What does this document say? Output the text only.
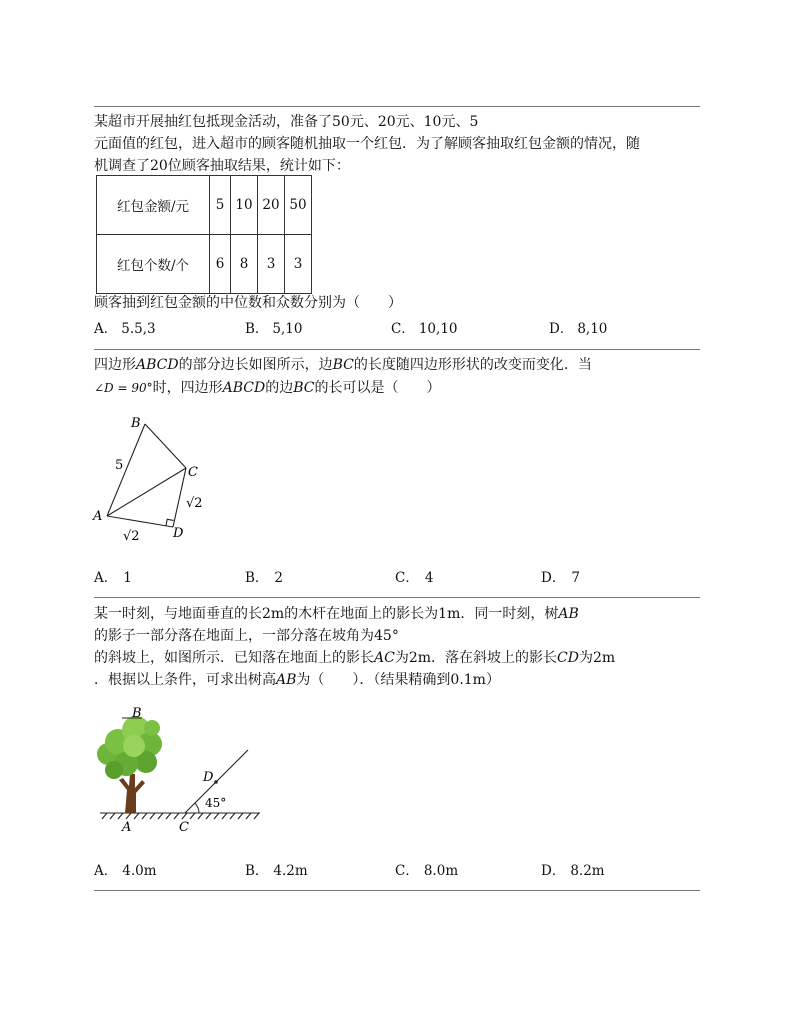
某超市开展抽红包抵现金活动，准备了50元、20元、10元、5
元面值的红包，进入超市的顾客随机抽取一个红包．为了解顾客抽取红包金额的情况，随
机调查了20位顾客抽取结果，统计如下：
红包金额/元	5	10	20	50
红包个数/个	6	8	3	3
顾客抽到红包金额的中位数和众数分别为（　　）
A． 5.5,3	B． 5,10	C． 10,10	D． 8,10
四边形ABCD的部分边长如图所示，边BC的长度随四边形形状的改变而变化．当
∠D = 90°时，四边形ABCD的边BC的长可以是（　　）
B
C
A
D
5
√2
√2
A． 1	B． 2	C． 4	D． 7
某一时刻，与地面垂直的长2m的木杆在地面上的影长为1m．同一时刻，树AB
的影子一部分落在地面上，一部分落在坡角为45°
的斜坡上，如图所示．已知落在地面上的影长AC为2m．落在斜坡上的影长CD为2m
．根据以上条件，可求出树高AB为（　　）．（结果精确到0.1m）
B
A	C
D
45°
A． 4.0m	B． 4.2m	C． 8.0m	D． 8.2m
